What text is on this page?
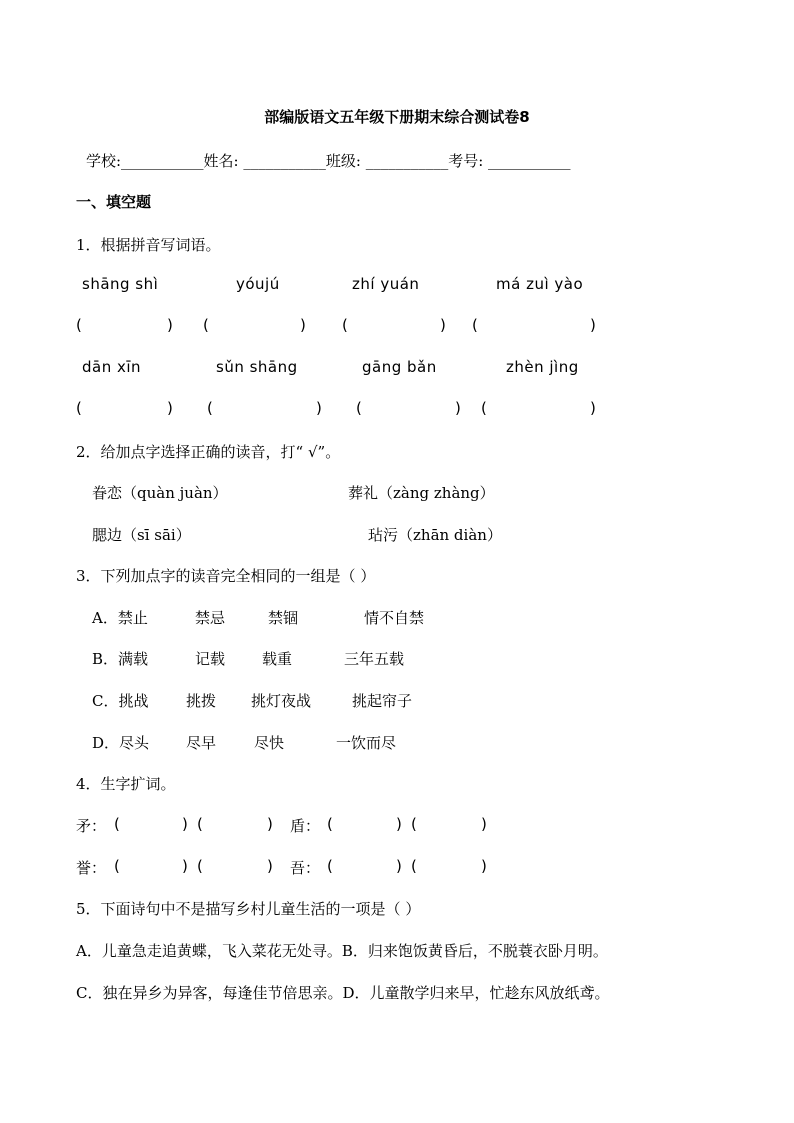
部编版语文五年级下册期末综合测试卷8
学校:___________姓名: ___________班级: ___________考号: ___________
一、填空题
1．根据拼音写词语。
shāng shì	yóujú	zhí yuán	má zuì yào
(	) (	) (	) (	)
dān xīn	sǔn shāng	gāng bǎn	zhèn jìng
(	) (	) (	) (	)
2．给加点字选择正确的读音，打“ √”。
眷恋（quàn juàn）	葬礼（zàng zhàng）
腮边（sī sāi）	玷污（zhān diàn）
3．下列加点字的读音完全相同的一组是（ ）
A．禁止	禁忌	禁锢	情不自禁
B．满载	记载 载重	三年五载
C．挑战	挑拨 挑灯夜战	挑起帘子
D．尽头 尽早	尽快	一饮而尽
4．生字扩词。
矛： (	) (	) 盾： (	) (	)
誉： (	) (	) 吾： (	) (	)
5．下面诗句中不是描写乡村儿童生活的一项是（ ）
A．儿童急走追黄蝶，飞入菜花无处寻。B．归来饱饭黄昏后，不脱蓑衣卧月明。
C．独在异乡为异客，每逢佳节倍思亲。D．儿童散学归来早，忙趁东风放纸鸢。
